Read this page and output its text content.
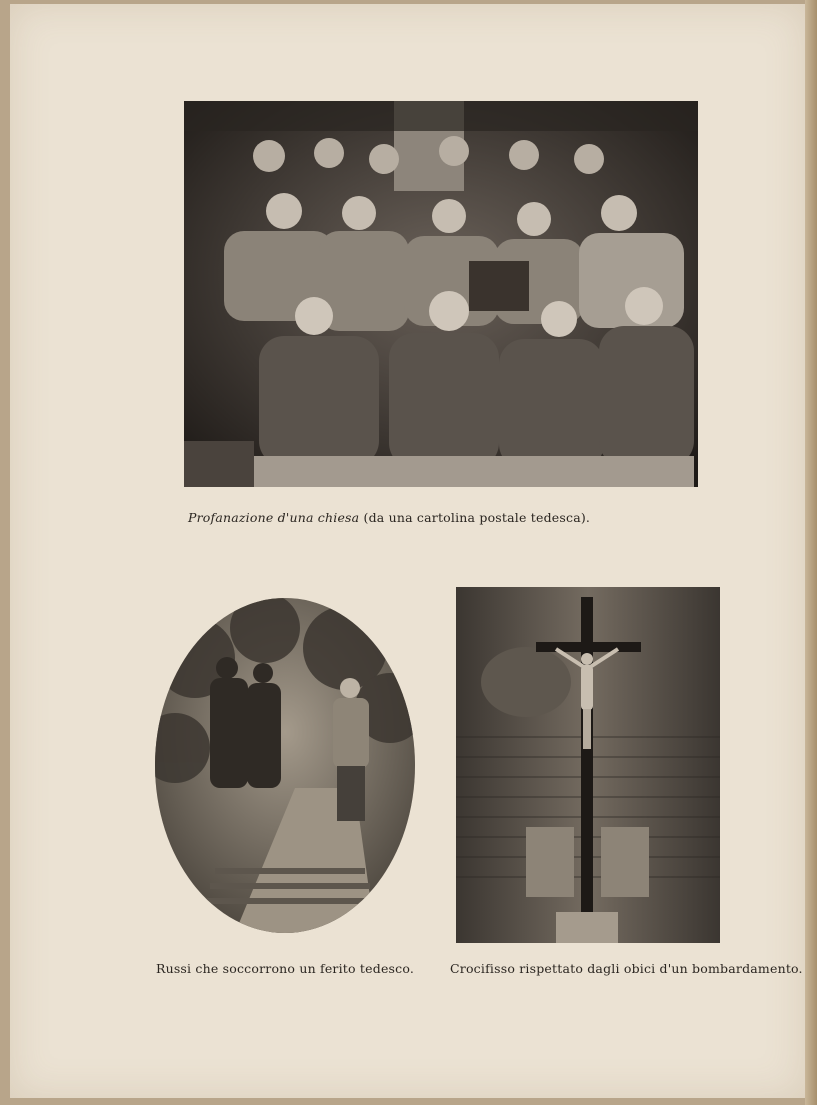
Profanazione d'una chiesa (da una cartolina postale tedesca).
Russi che soccorrono un ferito tedesco.	Crocifisso rispettato dagli obici d'un bombardamento.
